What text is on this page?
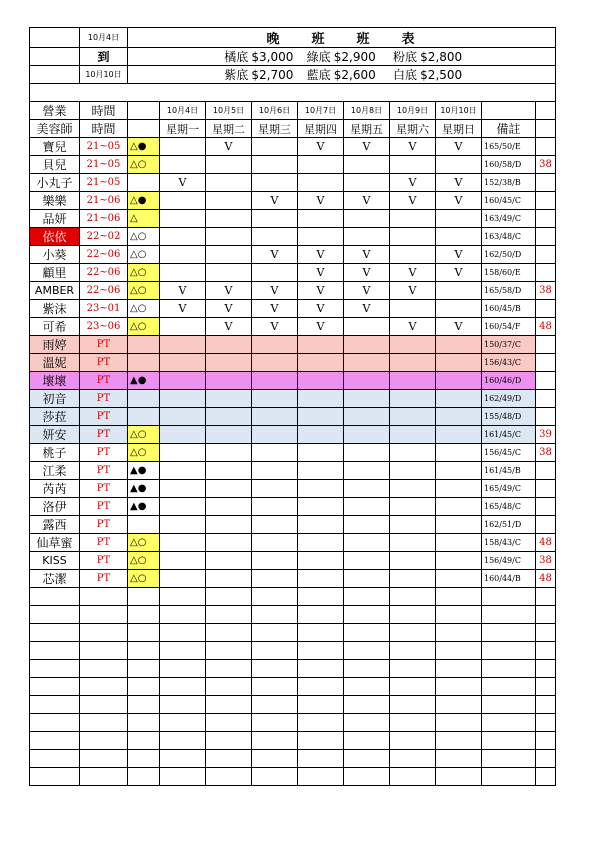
	10月4日	晚　　班　　班　　表									
	到	橘底 $3,000 綠底 $2,900 粉底 $2,800									
	10月10日	紫底 $2,700 藍底 $2,600 白底 $2,500									

營業	時間		10月4日	10月5日	10月6日	10月7日	10月8日	10月9日	10月10日		
美容師	時間		星期一	星期二	星期三	星期四	星期五	星期六	星期日	備註	
寶兒	21~05	△●		V		V	V	V	V	165/50/E	
貝兒	21~05	△○								160/58/D	38
小丸子	21~05		V					V	V	152/38/B	
樂樂	21~06	△●			V	V	V	V	V	160/45/C	
品妍	21~06	△								163/49/C	
依依	22~02	△○								163/48/C	
小葵	22~06	△○			V	V	V		V	162/50/D	
顧里	22~06	△○				V	V	V	V	158/60/E	
AMBER	22~06	△○	V	V	V	V	V	V		165/58/D	38
紫沫	23~01	△○	V	V	V	V	V			160/45/B	
可希	23~06	△○		V	V	V		V	V	160/54/F	48
雨婷	PT									150/37/C	
溫妮	PT									156/43/C	
壞壞	PT	▲●								160/46/D	
初音	PT									162/49/D	
莎菈	PT									155/48/D	
妍安	PT	△○								161/45/C	39
桃子	PT	△○								156/45/C	38
江柔	PT	▲●								161/45/B	
芮芮	PT	▲●								165/49/C	
洛伊	PT	▲●								165/48/C	
露西	PT									162/51/D	
仙草蜜	PT	△○								158/43/C	48
KISS	PT	△○								156/49/C	38
芯潔	PT	△○								160/44/B	48
